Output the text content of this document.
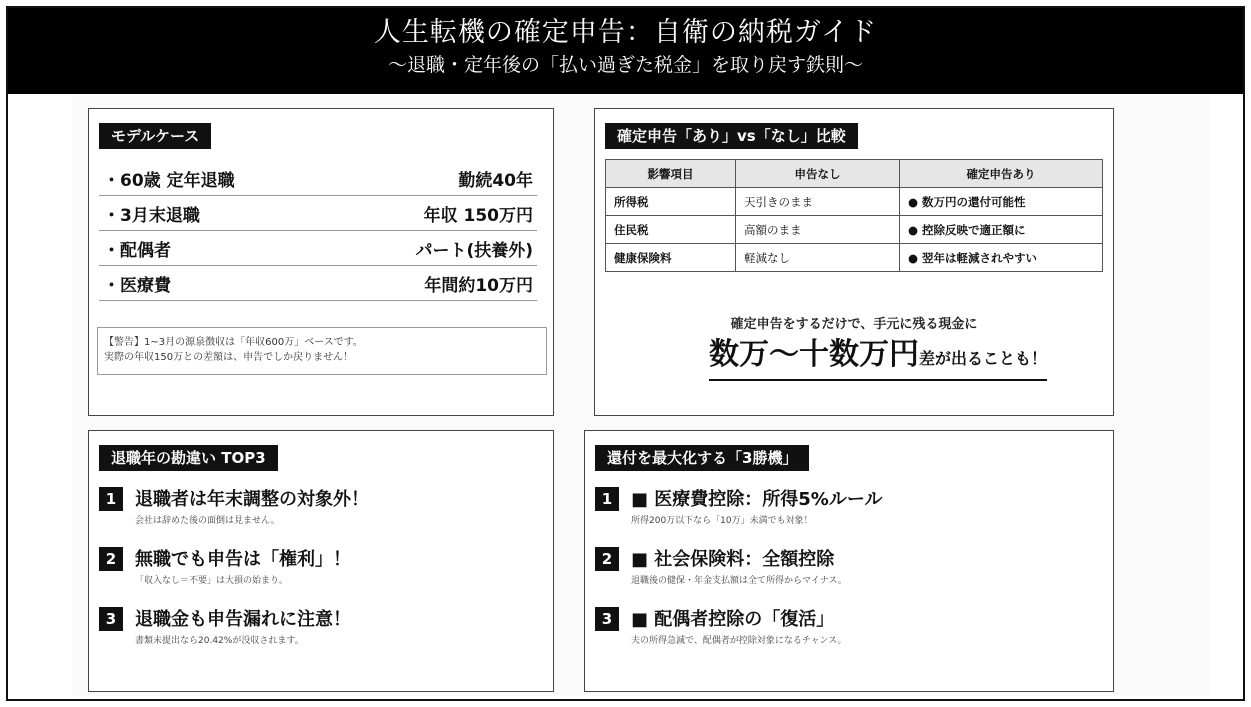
人生転機の確定申告：自衛の納税ガイド
～退職・定年後の「払い過ぎた税金」を取り戻す鉄則～
モデルケース
・60歳 定年退職	勤続40年
・3月末退職	年収 150万円
・配偶者	パート(扶養外)
・医療費	年間約10万円
【警告】1~3月の源泉徴収は「年収600万」ベースです。
実際の年収150万との差額は、申告でしか戻りません！
確定申告「あり」vs「なし」比較
影響項目	申告なし	確定申告あり
所得税	天引きのまま	● 数万円の還付可能性
住民税	高額のまま	● 控除反映で適正額に
健康保険料	軽減なし	● 翌年は軽減されやすい
確定申告をするだけで、手元に残る現金に
数万～十数万円差が出ることも！
退職年の勘違い TOP3
1	退職者は年末調整の対象外！
会社は辞めた後の面倒は見ません。
2	無職でも申告は「権利」！
「収入なし＝不要」は大損の始まり。
3	退職金も申告漏れに注意！
書類未提出なら20.42%が没収されます。
還付を最大化する「3勝機」
1	■ 医療費控除：所得5%ルール
所得200万以下なら「10万」未満でも対象！
2	■ 社会保険料：全額控除
退職後の健保・年金支払額は全て所得からマイナス。
3	■ 配偶者控除の「復活」
夫の所得急減で、配偶者が控除対象になるチャンス。
